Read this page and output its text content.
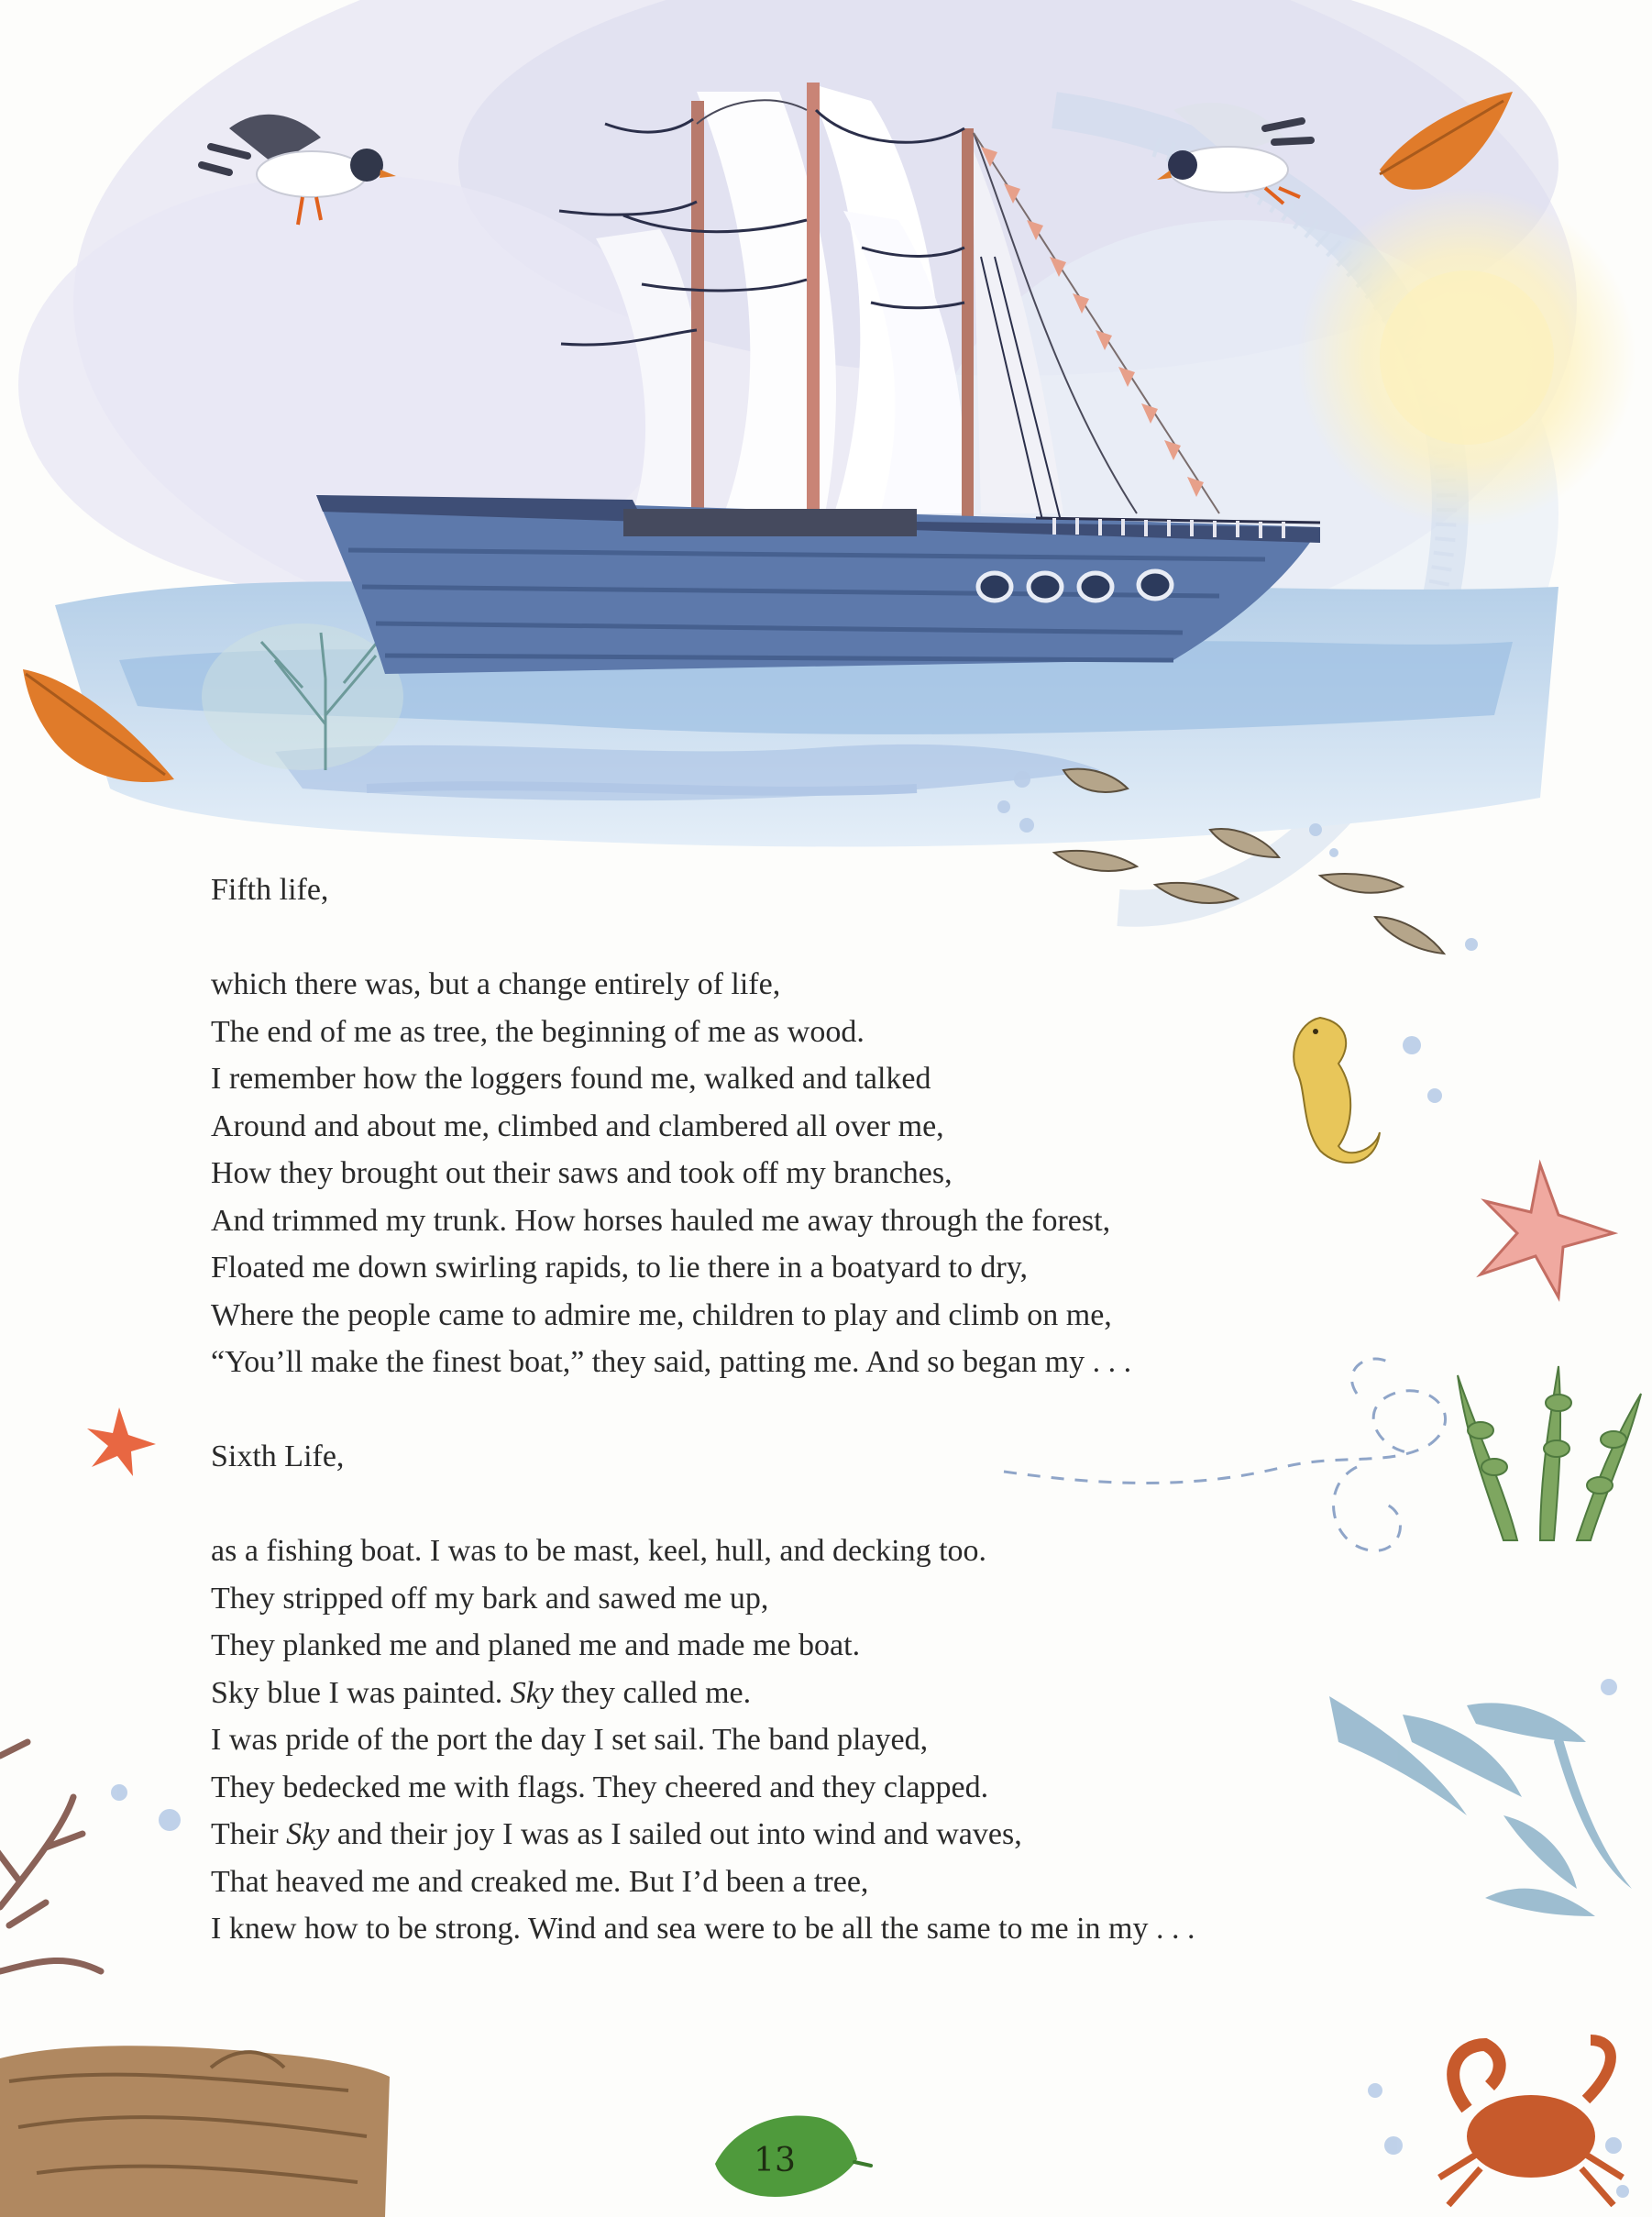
Fifth life,

which there was, but a change entirely of life,

The end of me as tree, the beginning of me as wood.

I remember how the loggers found me, walked and talked

Around and about me, climbed and clambered all over me,

How they brought out their saws and took off my branches,

And trimmed my trunk. How horses hauled me away through the forest,

Floated me down swirling rapids, to lie there in a boatyard to dry,

Where the people came to admire me, children to play and climb on me,

“You’ll make the finest boat,” they said, patting me. And so began my . . .

Sixth Life,

as a fishing boat. I was to be mast, keel, hull, and decking too.

They stripped off my bark and sawed me up,

They planked me and planed me and made me boat.

Sky blue I was painted. Sky they called me.

I was pride of the port the day I set sail. The band played,

They bedecked me with flags. They cheered and they clapped.

Their Sky and their joy I was as I sailed out into wind and waves,

That heaved me and creaked me. But I’d been a tree,

I knew how to be strong. Wind and sea were to be all the same to me in my . . .

13
